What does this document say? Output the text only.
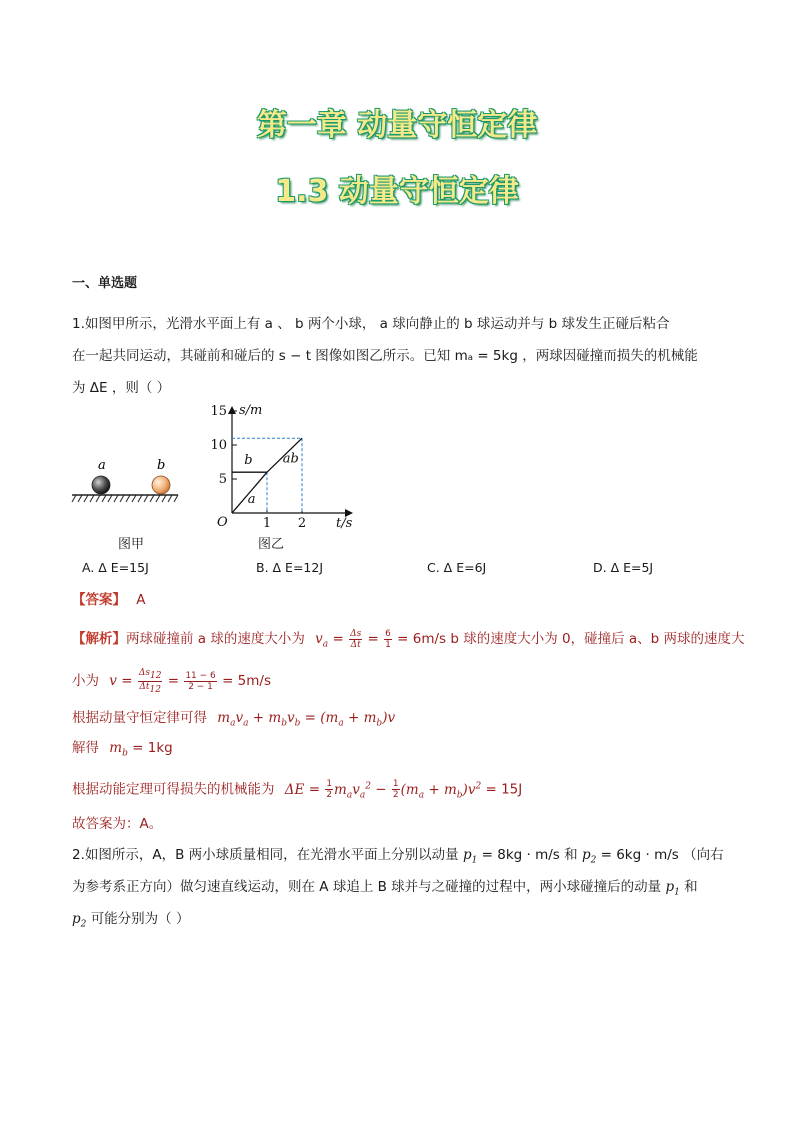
第一章 动量守恒定律
1.3 动量守恒定律
一、单选题
1.如图甲所示，光滑水平面上有 a 、 b 两个小球， a 球向静止的 b 球运动并与 b 球发生正碰后粘合
在一起共同运动，其碰前和碰后的 s − t 图像如图乙所示。已知 mₐ = 5kg ，两球因碰撞而损失的机械能
为 ΔE ，则（ ）
a	b
图甲
s/m
t/s
O
5
10
15
1 2
a
b ab
图乙
A. Δ E=15J	B. Δ E=12J	C. Δ E=6J	D. Δ E=5J
【答案】 A
【解析】两球碰撞前 a 球的速度大小为 $v_a = \frac{\Delta s}{\Delta t} = \frac{6}{1} = 6m/s$ b 球的速度大小为 0，碰撞后 a、b 两球的速度大
小为 $v = \frac{\Delta s_{12}}{\Delta t_{12}} = \frac{11 - 6}{2 - 1} = 5m/s$
根据动量守恒定律可得 $m_av_a + m_bv_b = (m_a + m_b)v$
解得 $m_b = 1kg$
根据动能定理可得损失的机械能为 $\Delta E = \frac{1}{2} m_av_a^2 - \frac{1}{2} (m_a + m_b)v^2 = 15J$
故答案为：A。
2.如图所示，A，B 两小球质量相同，在光滑水平面上分别以动量 $p_1 = 8kg \cdot m/s$ 和 $p_2 = 6kg \cdot m/s$ （向右
为参考系正方向）做匀速直线运动，则在 A 球追上 B 球并与之碰撞的过程中，两小球碰撞后的动量 $p_1$ 和
$p_2$ 可能分别为（ ）
